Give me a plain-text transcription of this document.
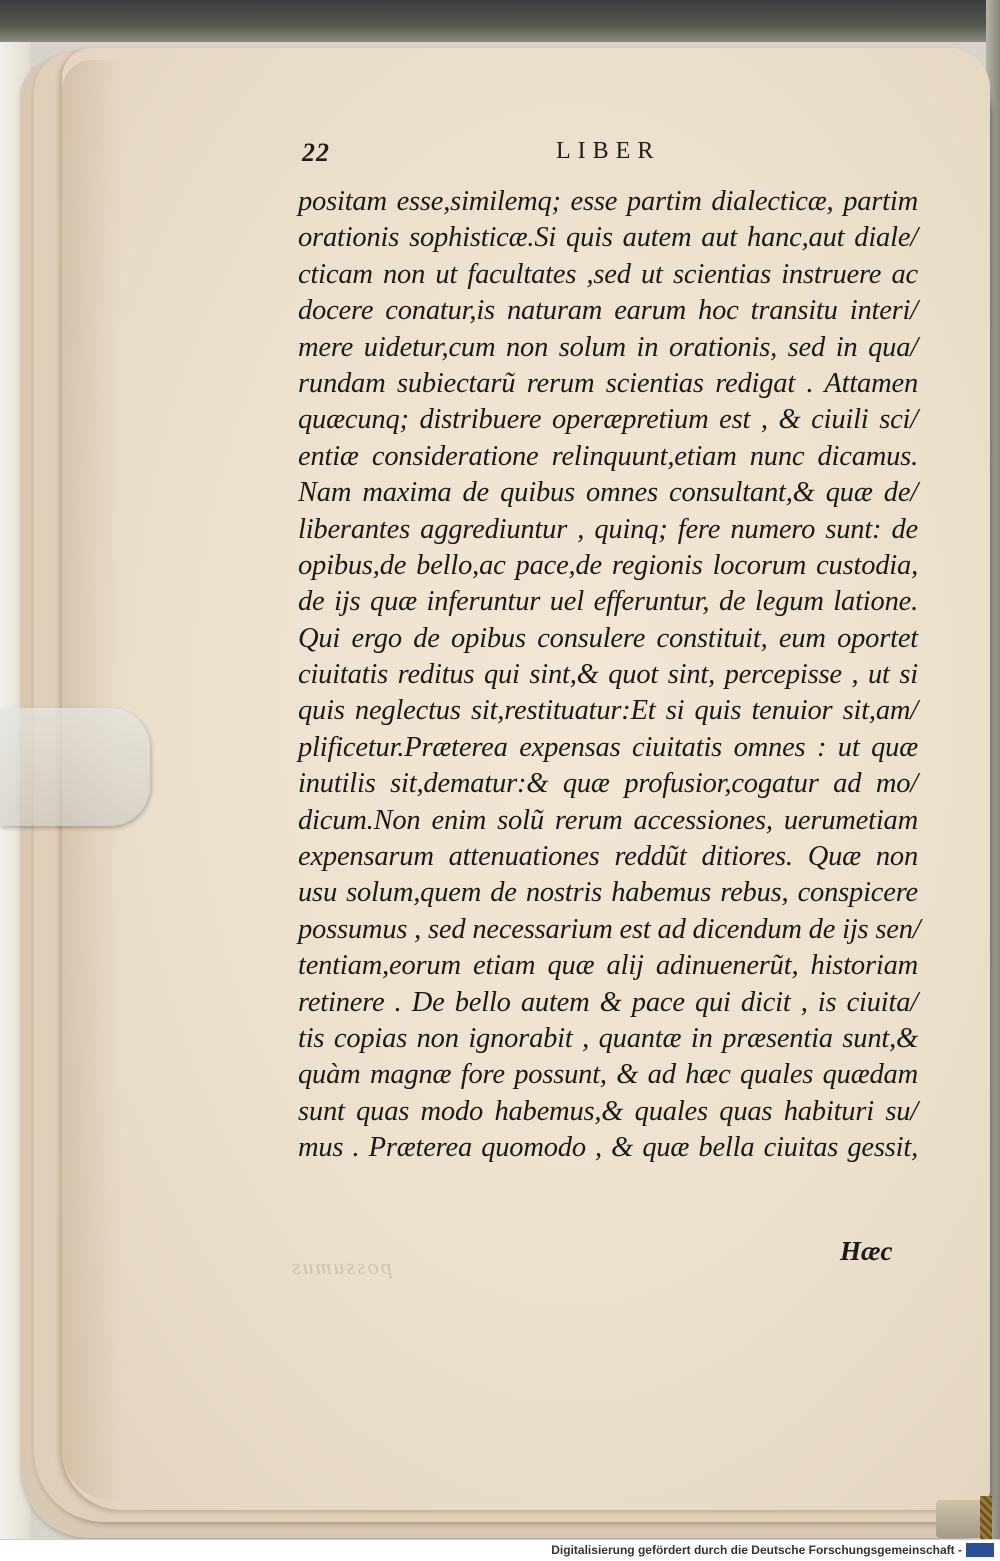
22	LIBER
positam esse,similemq; esse partim dialecticæ, partim
orationis sophisticæ.Si quis autem aut hanc,aut diale/
cticam non ut facultates ,sed ut scientias instruere ac
docere conatur,is naturam earum hoc transitu interi/
mere uidetur,cum non solum in orationis, sed in qua/
rundam subiectarũ rerum scientias redigat . Attamen
quæcunq; distribuere operæpretium est , & ciuili sci/
entiæ consideratione relinquunt,etiam nunc dicamus.
Nam maxima de quibus omnes consultant,& quæ de/
liberantes aggrediuntur , quinq; fere numero sunt: de
opibus,de bello,ac pace,de regionis locorum custodia,
de ijs quæ inferuntur uel efferuntur, de legum latione.
Qui ergo de opibus consulere constituit, eum oportet
ciuitatis reditus qui sint,& quot sint, percepisse , ut si
quis neglectus sit,restituatur:Et si quis tenuior sit,am/
plificetur.Præterea expensas ciuitatis omnes : ut quæ
inutilis sit,dematur:& quæ profusior,cogatur ad mo/
dicum.Non enim solũ rerum accessiones, uerumetiam
expensarum attenuationes reddũt ditiores. Quæ non
usu solum,quem de nostris habemus rebus, conspicere
possumus , sed necessarium est ad dicendum de ijs sen/
tentiam,eorum etiam quæ alij adinuenerũt, historiam
retinere . De bello autem & pace qui dicit , is ciuita/
tis copias non ignorabit , quantæ in præsentia sunt,&
quàm magnæ fore possunt, & ad hæc quales quædam
sunt quas modo habemus,& quales quas habituri su/
mus . Præterea quomodo , & quæ bella ciuitas gessit,
possumus
Hæc
Digitalisierung gefördert durch die Deutsche Forschungsgemeinschaft -
